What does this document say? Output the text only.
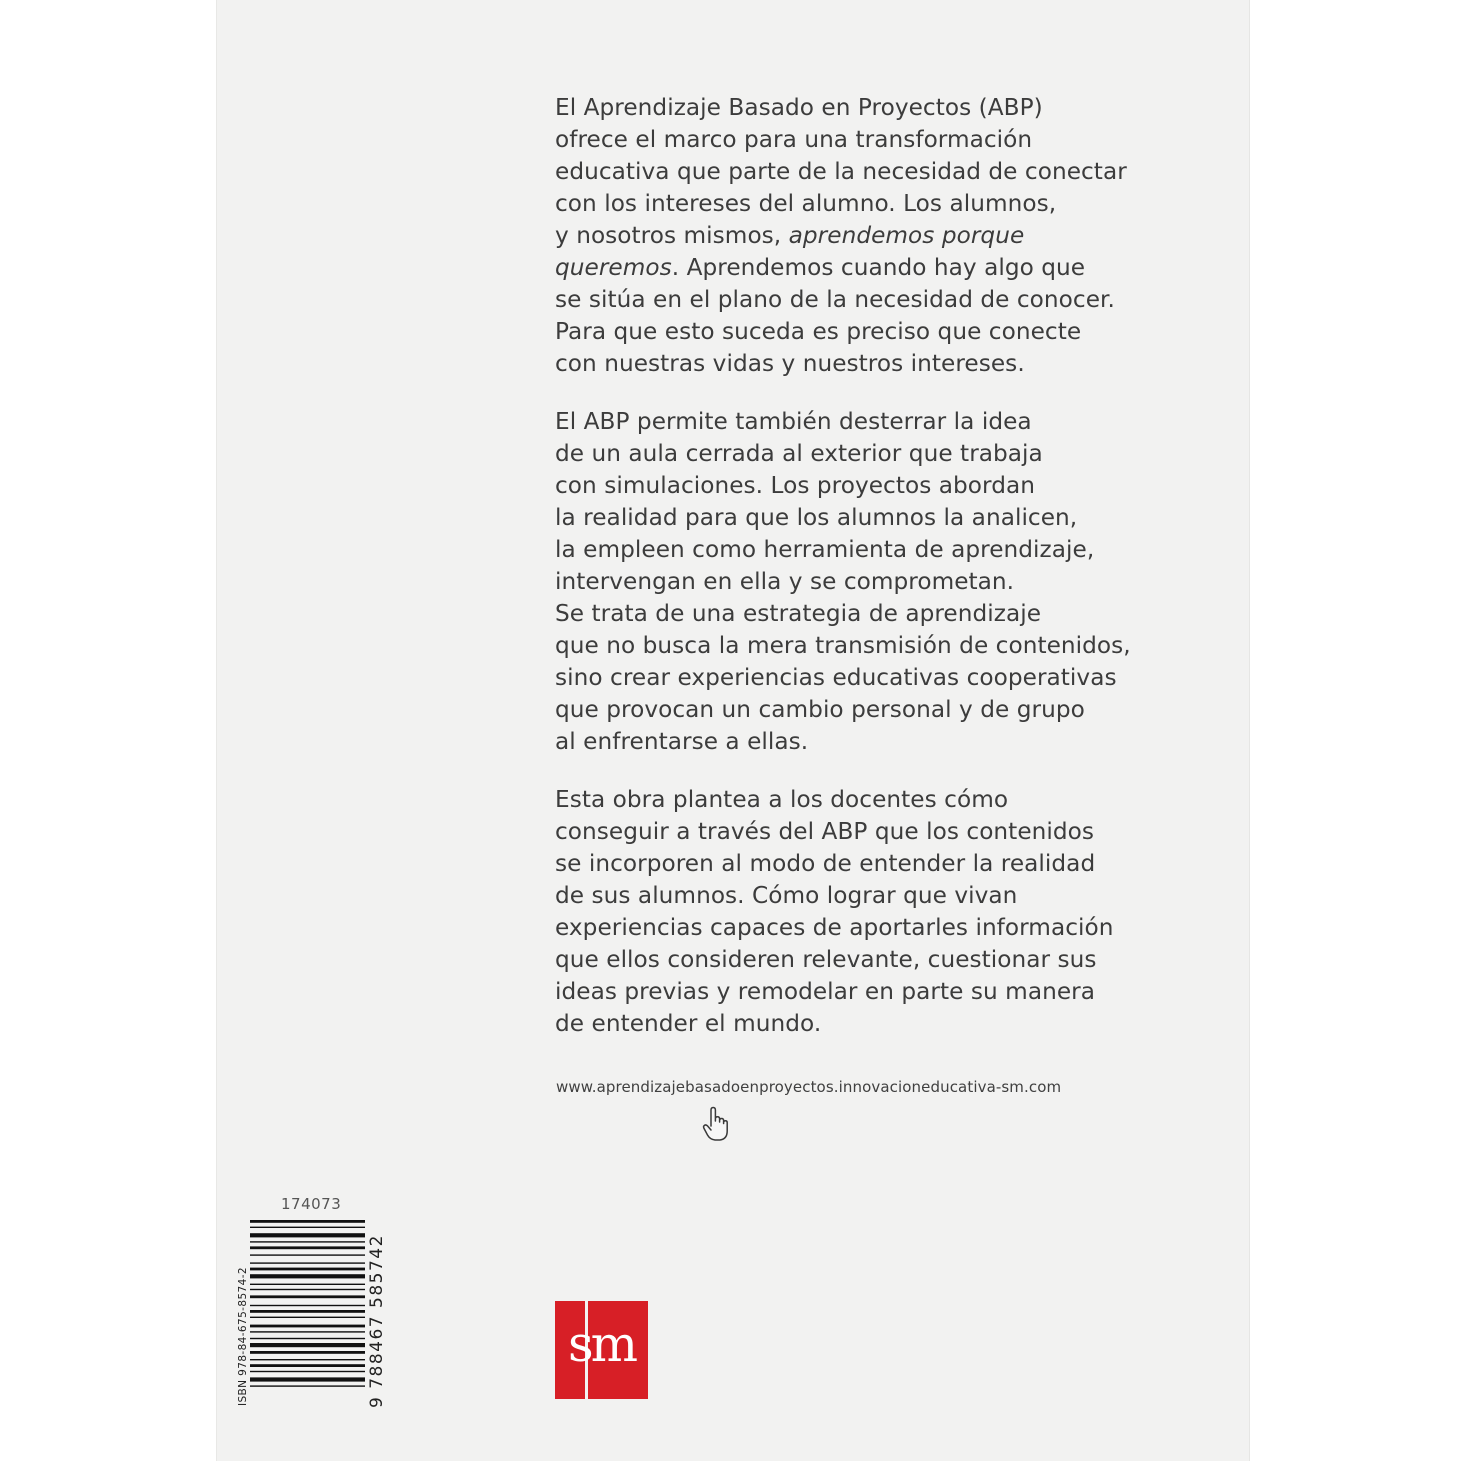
El Aprendizaje Basado en Proyectos (ABP)
ofrece el marco para una transformación
educativa que parte de la necesidad de conectar
con los intereses del alumno. Los alumnos,
y nosotros mismos, aprendemos porque
queremos. Aprendemos cuando hay algo que
se sitúa en el plano de la necesidad de conocer.
Para que esto suceda es preciso que conecte
con nuestras vidas y nuestros intereses.
El ABP permite también desterrar la idea
de un aula cerrada al exterior que trabaja
con simulaciones. Los proyectos abordan
la realidad para que los alumnos la analicen,
la empleen como herramienta de aprendizaje,
intervengan en ella y se comprometan.
Se trata de una estrategia de aprendizaje
que no busca la mera transmisión de contenidos,
sino crear experiencias educativas cooperativas
que provocan un cambio personal y de grupo
al enfrentarse a ellas.
Esta obra plantea a los docentes cómo
conseguir a través del ABP que los contenidos
se incorporen al modo de entender la realidad
de sus alumnos. Cómo lograr que vivan
experiencias capaces de aportarles información
que ellos consideren relevante, cuestionar sus
ideas previas y remodelar en parte su manera
de entender el mundo.
www.aprendizajebasadoenproyectos.innovacioneducativa-sm.com
174073
ISBN 978-84-675-8574-2	9 788467 585742	sm
